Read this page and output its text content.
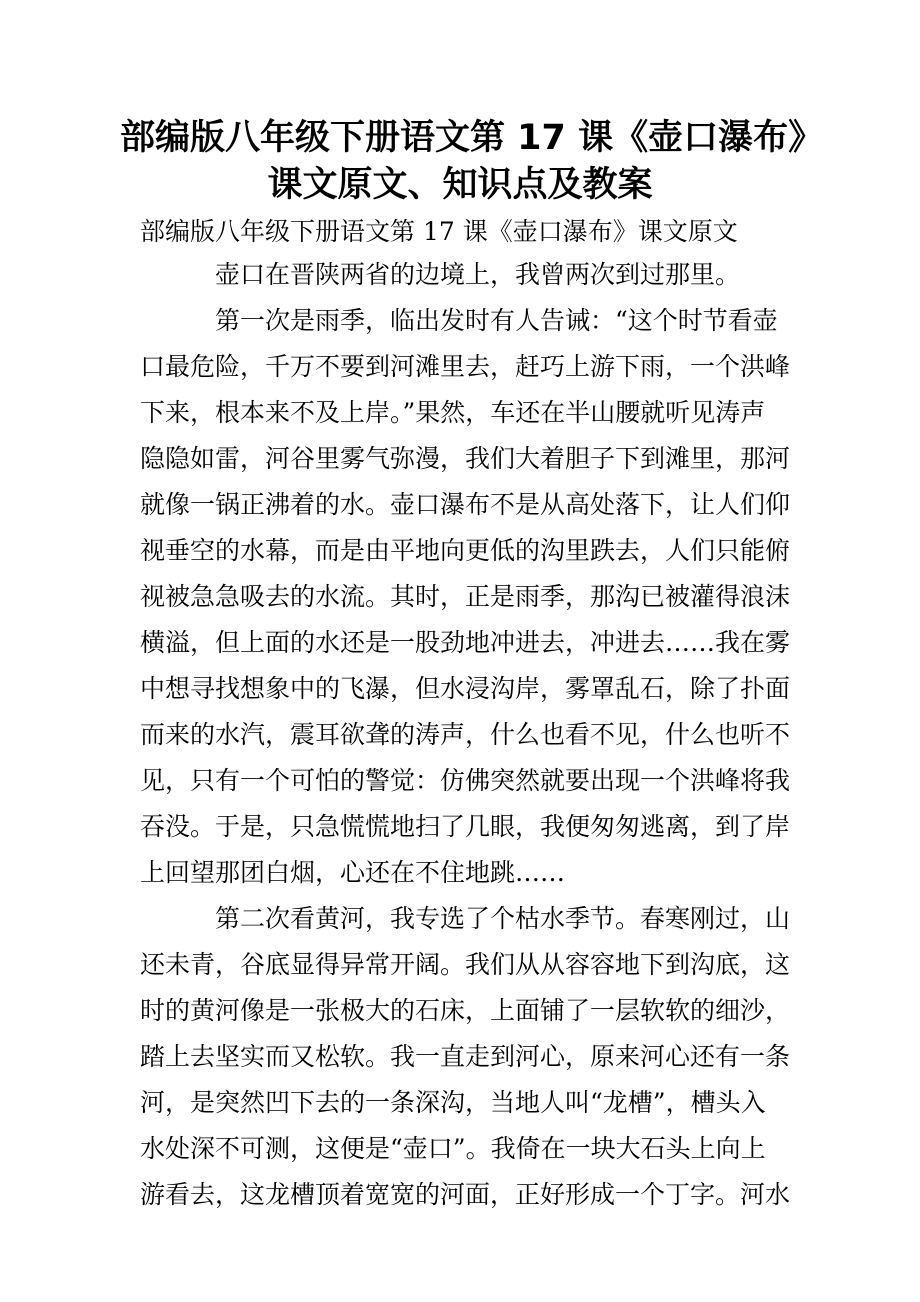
部编版八年级下册语文第 17 课《壶口瀑布》
课文原文、知识点及教案
部编版八年级下册语文第 17 课《壶口瀑布》课文原文
壶口在晋陕两省的边境上，我曾两次到过那里。
第一次是雨季，临出发时有人告诫：“这个时节看壶
口最危险，千万不要到河滩里去，赶巧上游下雨，一个洪峰
下来，根本来不及上岸。”果然，车还在半山腰就听见涛声
隐隐如雷，河谷里雾气弥漫，我们大着胆子下到滩里，那河
就像一锅正沸着的水。壶口瀑布不是从高处落下，让人们仰
视垂空的水幕，而是由平地向更低的沟里跌去，人们只能俯
视被急急吸去的水流。其时，正是雨季，那沟已被灌得浪沫
横溢，但上面的水还是一股劲地冲进去，冲进去……我在雾
中想寻找想象中的飞瀑，但水浸沟岸，雾罩乱石，除了扑面
而来的水汽，震耳欲聋的涛声，什么也看不见，什么也听不
见，只有一个可怕的警觉：仿佛突然就要出现一个洪峰将我
吞没。于是，只急慌慌地扫了几眼，我便匆匆逃离，到了岸
上回望那团白烟，心还在不住地跳……
第二次看黄河，我专选了个枯水季节。春寒刚过，山
还未青，谷底显得异常开阔。我们从从容容地下到沟底，这
时的黄河像是一张极大的石床，上面铺了一层软软的细沙，
踏上去坚实而又松软。我一直走到河心，原来河心还有一条
河，是突然凹下去的一条深沟，当地人叫“龙槽”，槽头入
水处深不可测，这便是“壶口”。我倚在一块大石头上向上
游看去，这龙槽顶着宽宽的河面，正好形成一个丁字。河水
